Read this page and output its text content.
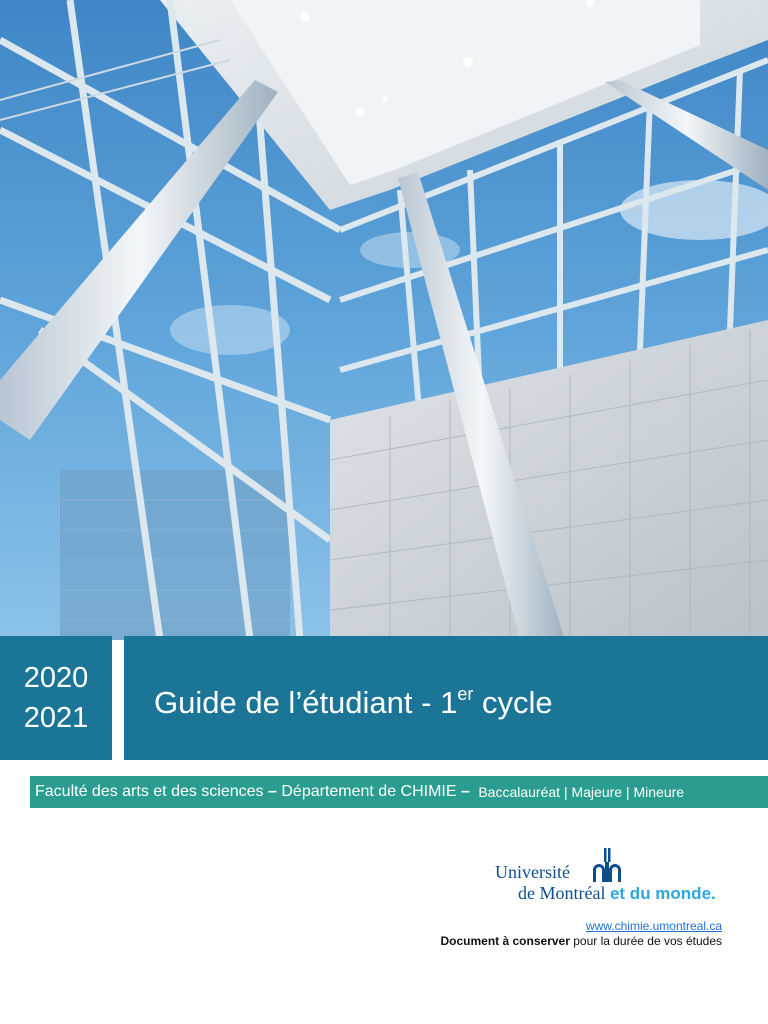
2020
2021 Guide de l’étudiant - 1er cycle
Faculté des arts et des sciences – Département de CHIMIE – Baccalauréat | Majeure | Mineure
Université
de Montréal et du monde.
www.chimie.umontreal.ca
Document à conserver pour la durée de vos études
